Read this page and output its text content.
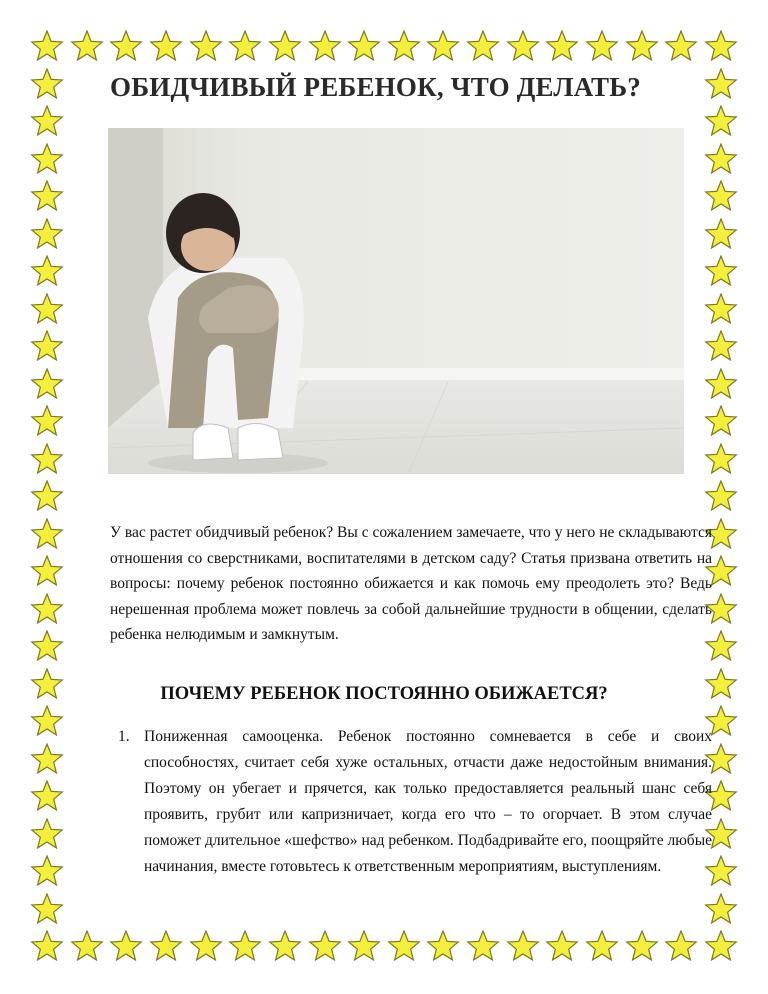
ОБИДЧИВЫЙ РЕБЕНОК, ЧТО ДЕЛАТЬ?

У вас растет обидчивый ребенок? Вы с сожалением замечаете, что у него не складываются отношения со сверстниками, воспитателями в детском саду? Статья призвана ответить на вопросы: почему ребенок постоянно обижается и как помочь ему преодолеть это? Ведь нерешенная проблема может повлечь за собой дальнейшие трудности в общении, сделать ребенка нелюдимым и замкнутым.

ПОЧЕМУ РЕБЕНОК ПОСТОЯННО ОБИЖАЕТСЯ?
1. Пониженная самооценка. Ребенок постоянно сомневается в себе и своих способностях, считает себя хуже остальных, отчасти даже недостойным внимания. Поэтому он убегает и прячется, как только предоставляется реальный шанс себя проявить, грубит или капризничает, когда его что – то огорчает. В этом случае поможет длительное «шефство» над ребенком. Подбадривайте его, поощряйте любые начинания, вместе готовьтесь к ответственным мероприятиям, выступлениям.
